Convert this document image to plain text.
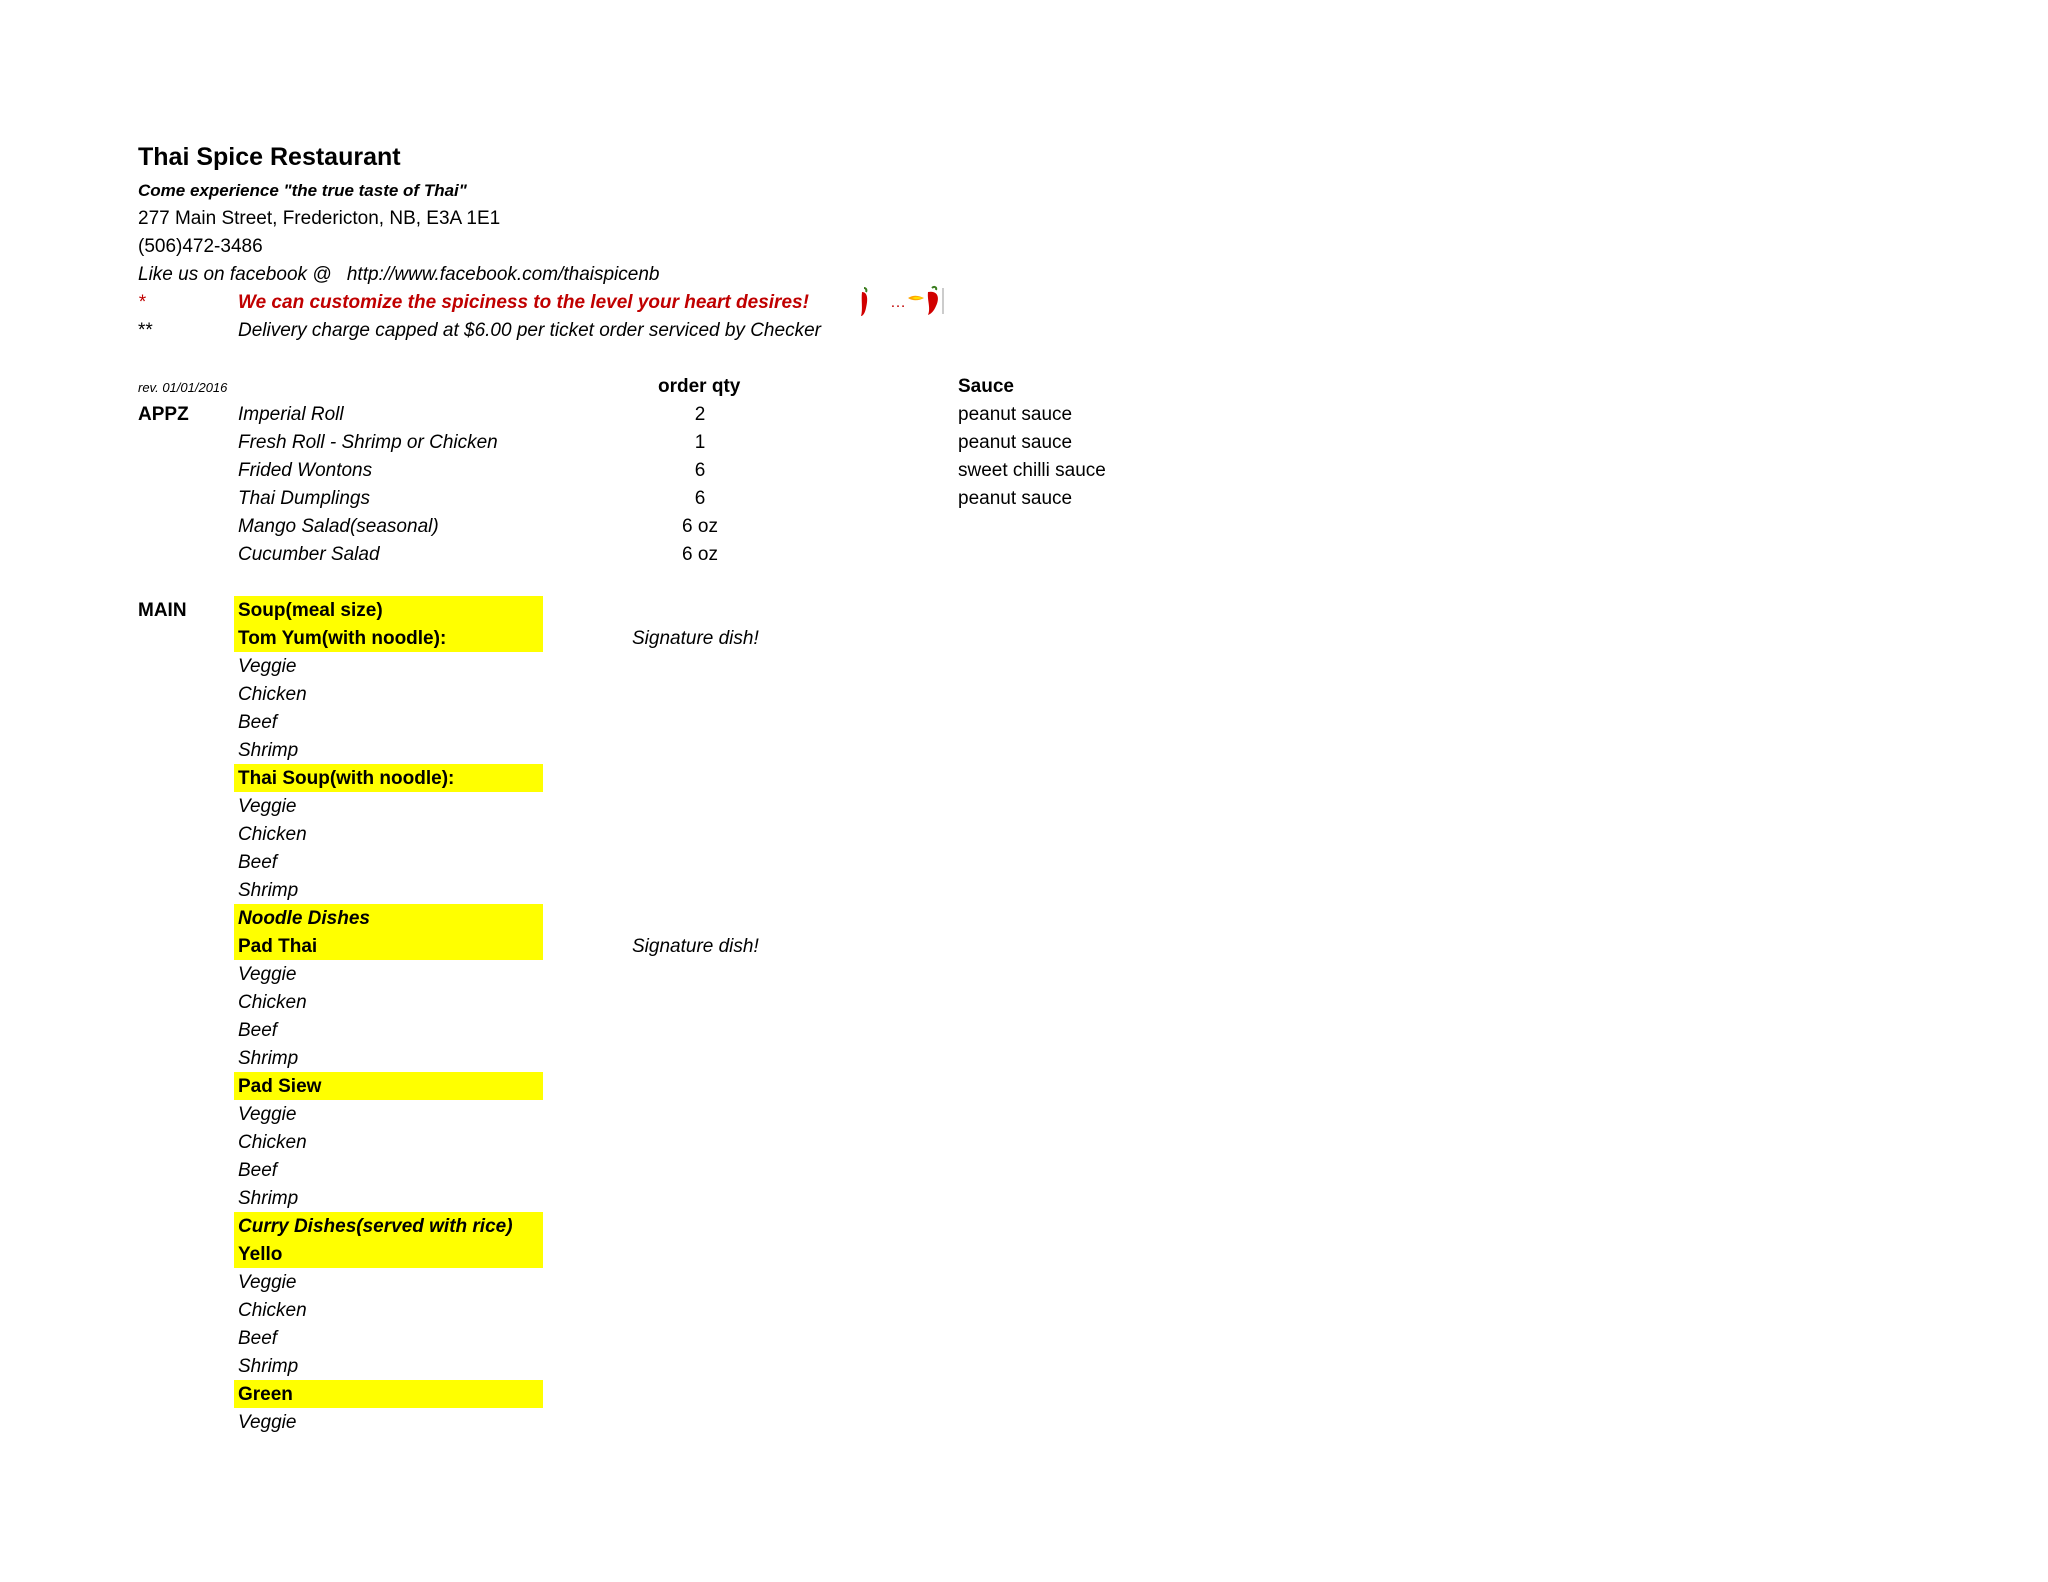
Thai Spice Restaurant
Come experience "the true taste of Thai"
277 Main Street, Fredericton, NB, E3A 1E1
(506)472-3486
Like us on facebook @ http://www.facebook.com/thaispicenb
*	We can customize the spiciness to the level your heart desires!	…
**	Delivery charge capped at $6.00 per ticket order serviced by Checker
rev. 01/01/2016	order qty	Sauce
APPZ	Imperial Roll	2	peanut sauce
Fresh Roll - Shrimp or Chicken	1	peanut sauce
Frided Wontons	6	sweet chilli sauce
Thai Dumplings	6	peanut sauce
Mango Salad(seasonal)	6 oz
Cucumber Salad	6 oz
MAIN	Soup(meal size)
Tom Yum(with noodle):	Signature dish!
Veggie
Chicken
Beef
Shrimp
Thai Soup(with noodle):
Veggie
Chicken
Beef
Shrimp
Noodle Dishes
Pad Thai	Signature dish!
Veggie
Chicken
Beef
Shrimp
Pad Siew
Veggie
Chicken
Beef
Shrimp
Curry Dishes(served with rice)
Yello
Veggie
Chicken
Beef
Shrimp
Green
Veggie
